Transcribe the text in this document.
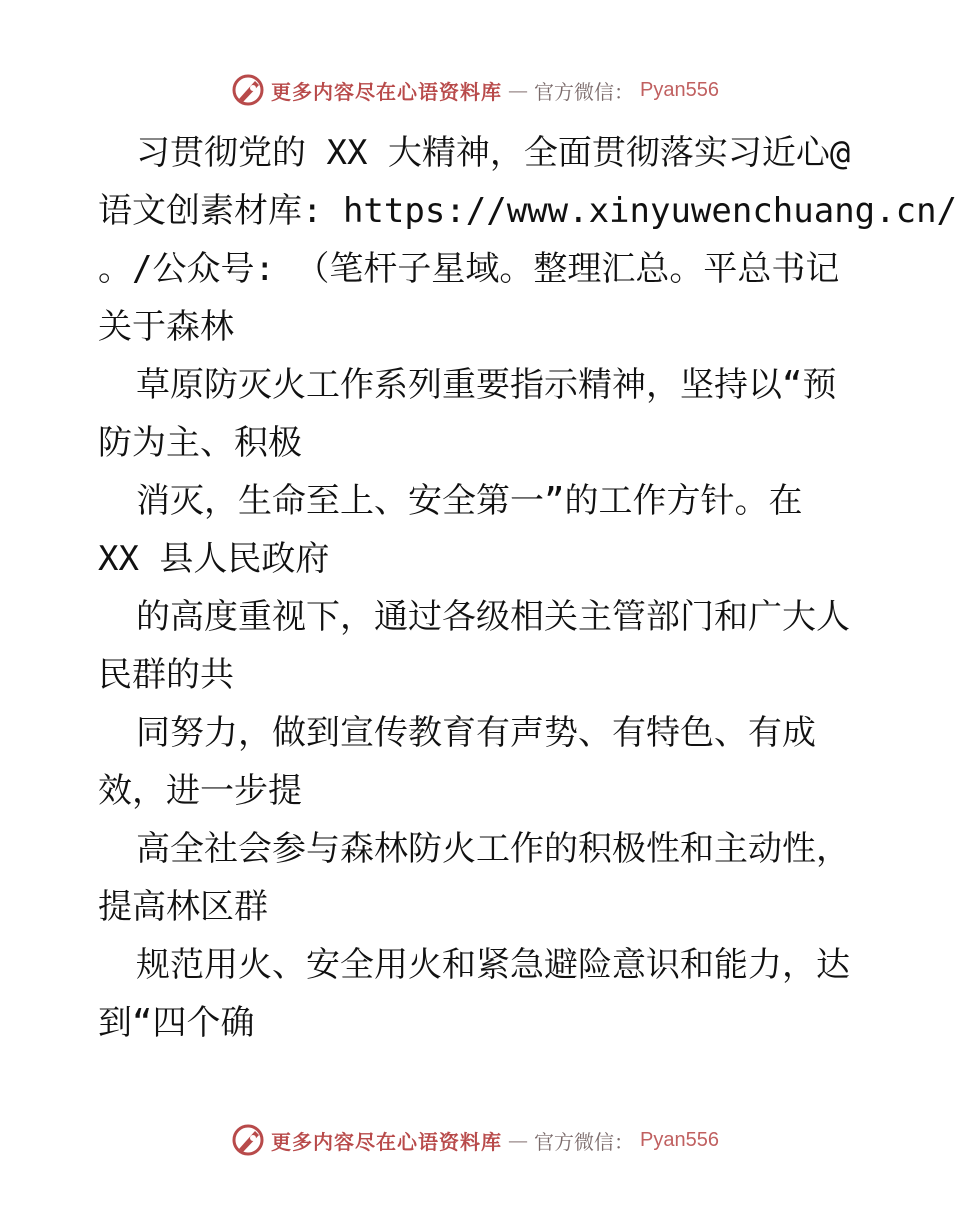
更多内容尽在心语资料库 — 官方微信： Pyan556
习贯彻党的 XX 大精神，全面贯彻落实习近心@
语文创素材库: https://www.xinyuwenchuang.cn/
。/公众号: （笔杆子星域。整理汇总。平总书记
关于森林
草原防灭火工作系列重要指示精神，坚持以“预
防为主、积极
消灭，生命至上、安全第一”的工作方针。在
XX 县人民政府
的高度重视下，通过各级相关主管部门和广大人
民群的共
同努力，做到宣传教育有声势、有特色、有成
效，进一步提
高全社会参与森林防火工作的积极性和主动性，
提高林区群
规范用火、安全用火和紧急避险意识和能力，达
到“四个确
更多内容尽在心语资料库 — 官方微信： Pyan556
